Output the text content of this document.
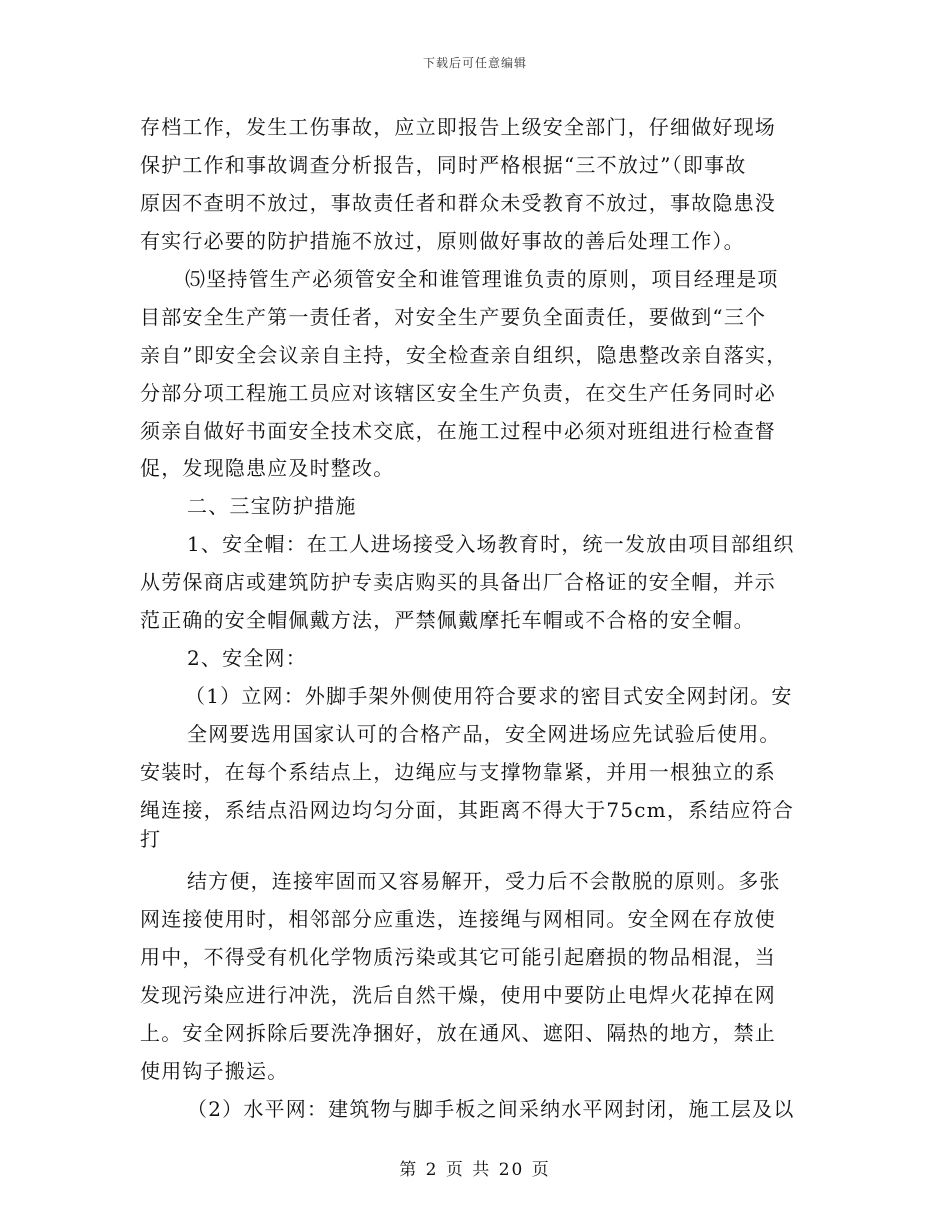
下载后可任意编辑
存档工作，发生工伤事故，应立即报告上级安全部门，仔细做好现场
保护工作和事故调查分析报告，同时严格根据“三不放过”（即事故
原因不查明不放过，事故责任者和群众未受教育不放过，事故隐患没
有实行必要的防护措施不放过，原则做好事故的善后处理工作）。
⑸坚持管生产必须管安全和谁管理谁负责的原则，项目经理是项
目部安全生产第一责任者，对安全生产要负全面责任，要做到“三个
亲自”即安全会议亲自主持，安全检查亲自组织，隐患整改亲自落实，
分部分项工程施工员应对该辖区安全生产负责，在交生产任务同时必
须亲自做好书面安全技术交底，在施工过程中必须对班组进行检查督
促，发现隐患应及时整改。
二、三宝防护措施
1、安全帽：在工人进场接受入场教育时，统一发放由项目部组织
从劳保商店或建筑防护专卖店购买的具备出厂合格证的安全帽，并示
范正确的安全帽佩戴方法，严禁佩戴摩托车帽或不合格的安全帽。
2、安全网：
（1）立网：外脚手架外侧使用符合要求的密目式安全网封闭。安
全网要选用国家认可的合格产品，安全网进场应先试验后使用。
安装时，在每个系结点上，边绳应与支撑物靠紧，并用一根独立的系
绳连接，系结点沿网边均匀分面，其距离不得大于75cm，系结应符合
打
结方便，连接牢固而又容易解开，受力后不会散脱的原则。多张
网连接使用时，相邻部分应重迭，连接绳与网相同。安全网在存放使
用中，不得受有机化学物质污染或其它可能引起磨损的物品相混，当
发现污染应进行冲洗，洗后自然干燥，使用中要防止电焊火花掉在网
上。安全网拆除后要洗净捆好，放在通风、遮阳、隔热的地方，禁止
使用钩子搬运。
（2）水平网：建筑物与脚手板之间采纳水平网封闭，施工层及以
第 2 页 共 20 页
